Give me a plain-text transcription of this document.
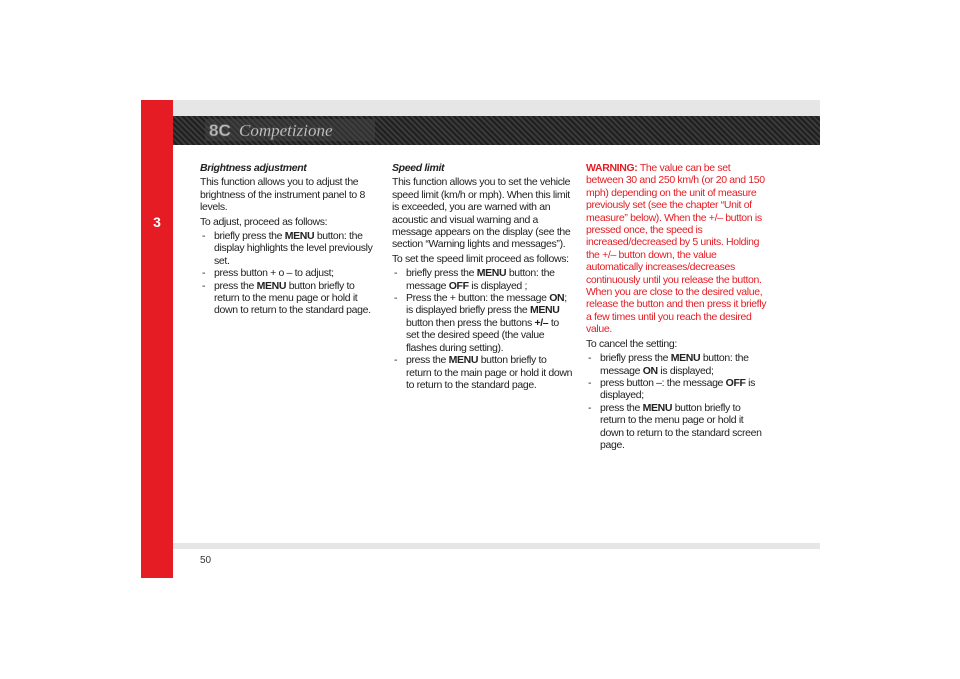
3
8C Competizione
Brightness adjustment

This function allows you to adjust the brightness of the instrument panel to 8 levels.

To adjust, proceed as follows:

- briefly press the MENU button: the display highlights the level previously set.
- press button + o – to adjust;
- press the MENU button briefly to return to the menu page or hold it down to return to the standard page.
Speed limit

This function allows you to set the vehicle speed limit (km/h or mph). When this limit is exceeded, you are warned with an acoustic and visual warning and a message appears on the display (see the section “Warning lights and messages”).

To set the speed limit proceed as follows:

- briefly press the MENU button: the message OFF is displayed ;
- Press the + button: the message ON; is displayed briefly press the MENU button then press the buttons +/– to set the desired speed (the value flashes during setting).
- press the MENU button briefly to return to the main page or hold it down to return to the standard page.

WARNING: The value can be set between 30 and 250 km/h (or 20 and 150 mph) depending on the unit of measure previously set (see the chapter “Unit of measure” below). When the +/– button is pressed once, the speed is increased/decreased by 5 units. Holding the +/– button down, the value automatically increases/decreases continuously until you release the button. When you are close to the desired value, release the button and then press it briefly a few times until you reach the desired value.

To cancel the setting:

- briefly press the MENU button: the message ON is displayed;
- press button –: the message OFF is displayed;
- press the MENU button briefly to return to the menu page or hold it down to return to the standard screen page.
50
